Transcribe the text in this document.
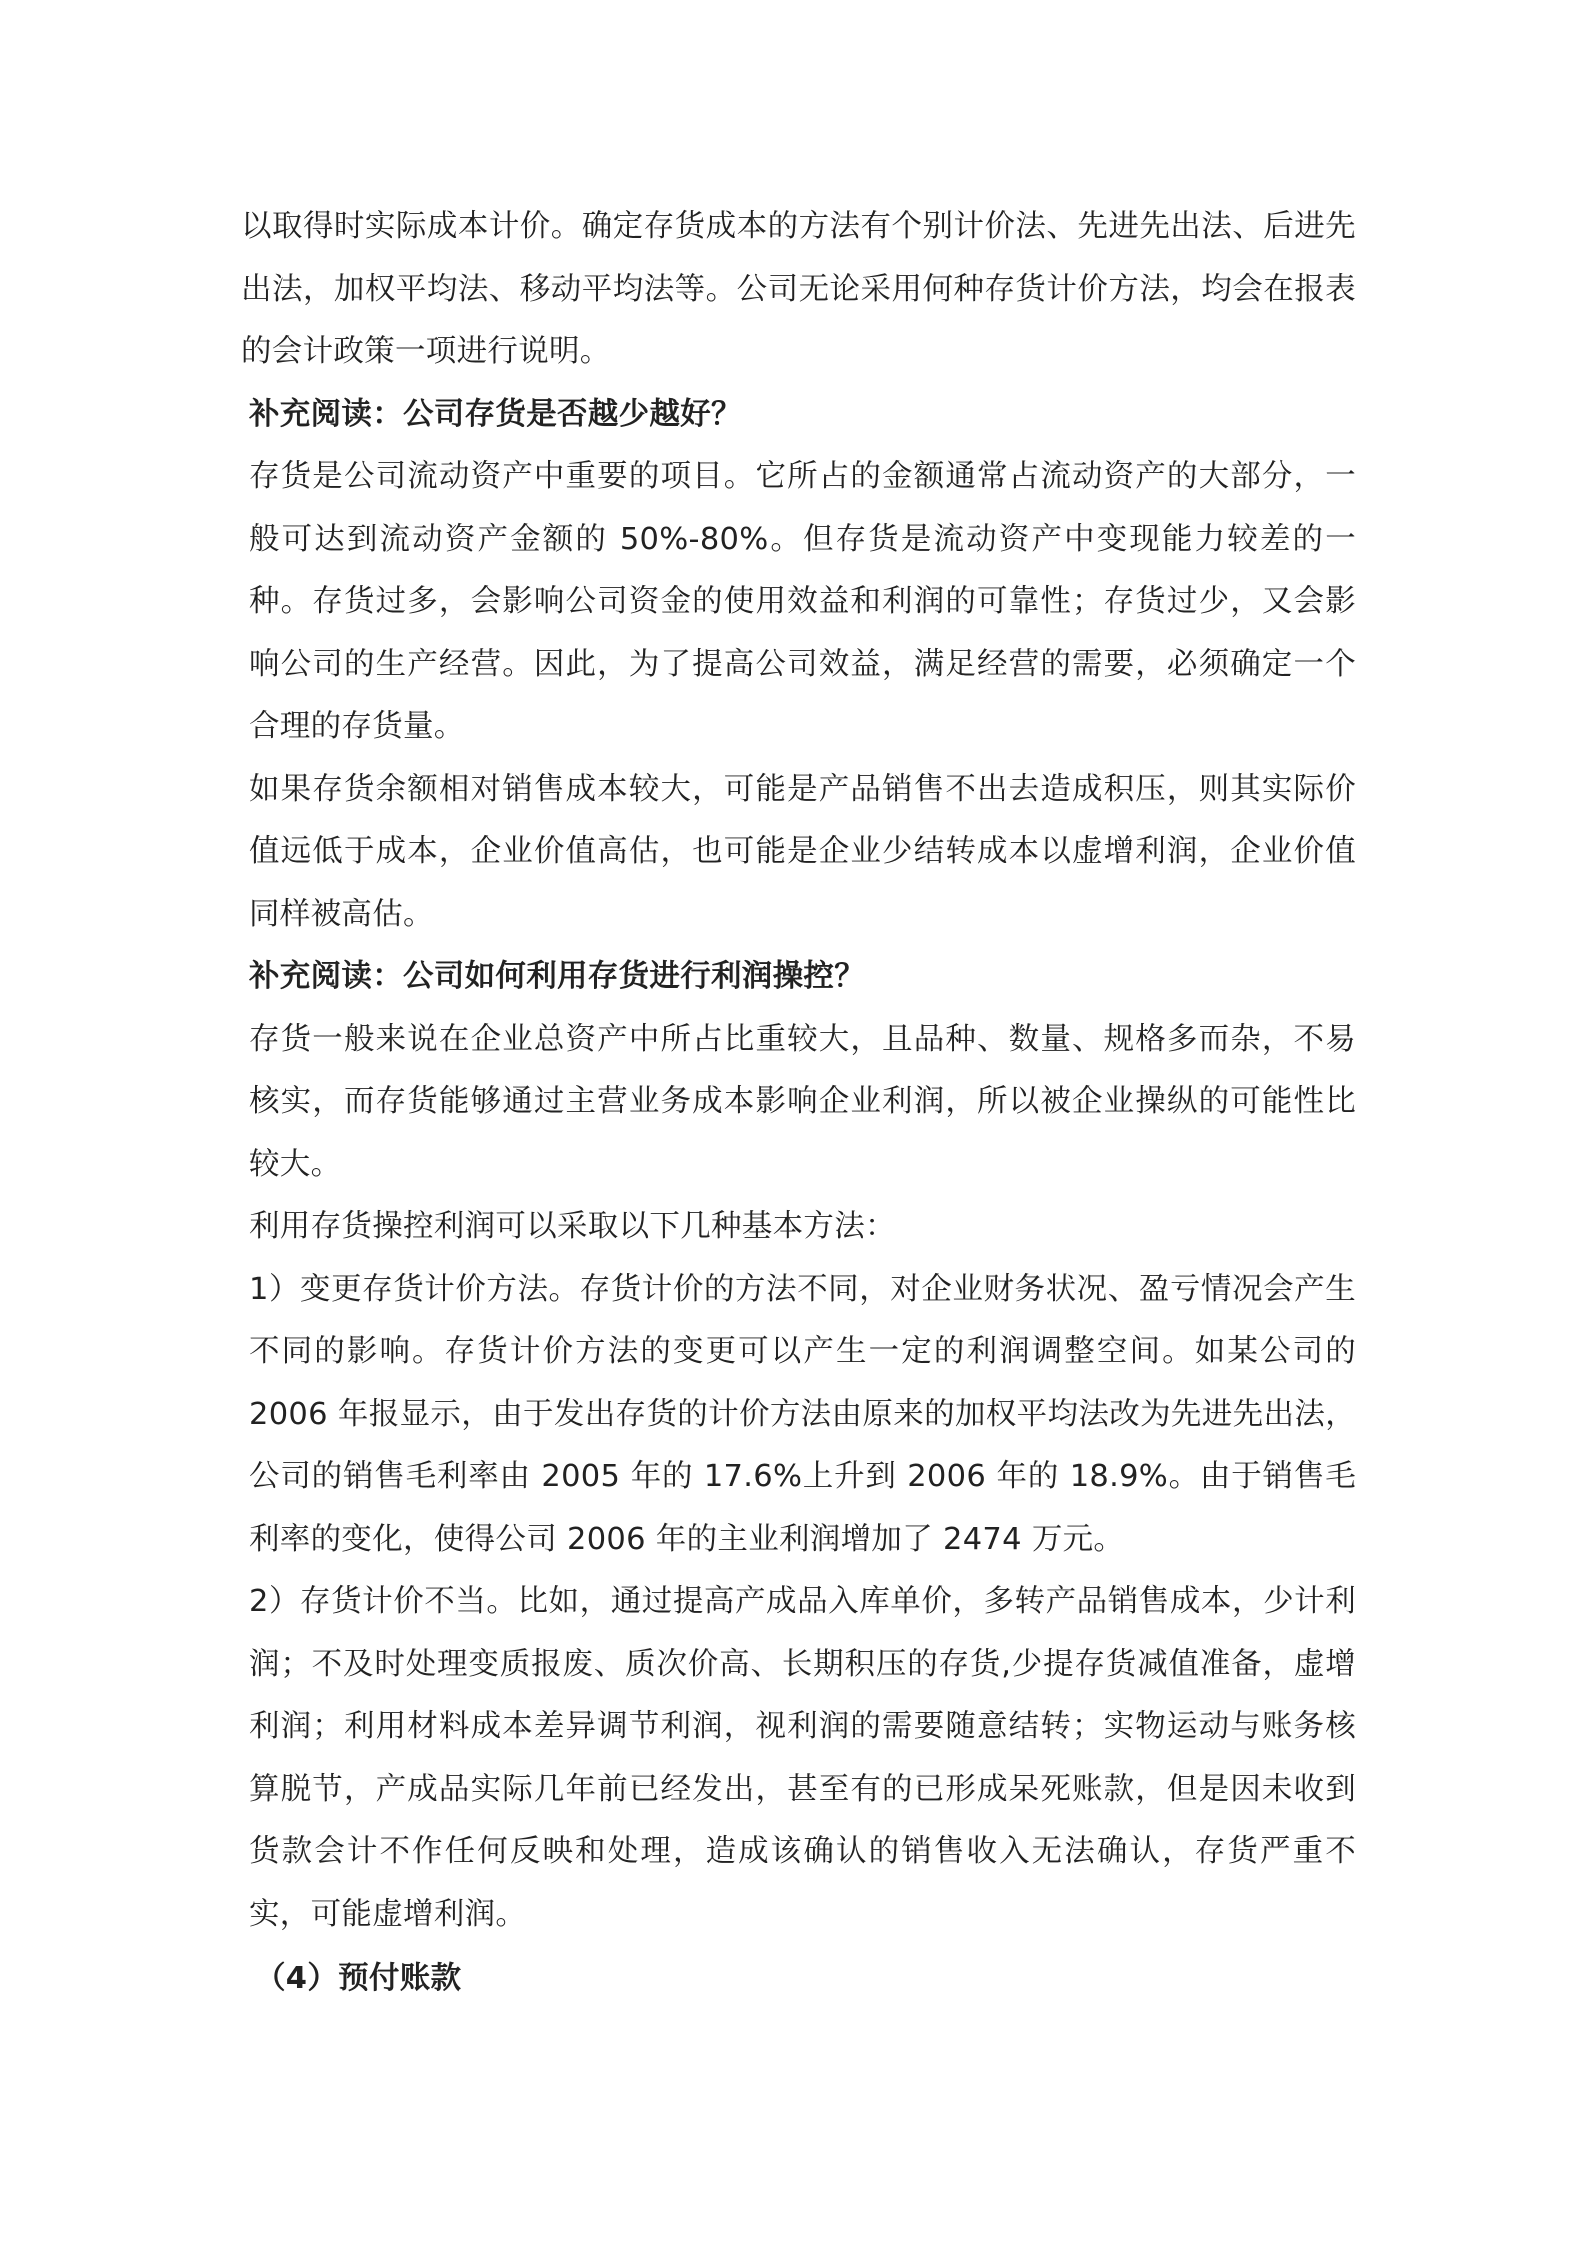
以取得时实际成本计价。确定存货成本的方法有个别计价法、先进先出法、后进先出法，加权平均法、移动平均法等。公司无论采用何种存货计价方法，均会在报表的会计政策一项进行说明。

补充阅读：公司存货是否越少越好？

存货是公司流动资产中重要的项目。它所占的金额通常占流动资产的大部分，一般可达到流动资产金额的 50%-80%。但存货是流动资产中变现能力较差的一种。存货过多，会影响公司资金的使用效益和利润的可靠性；存货过少，又会影响公司的生产经营。因此，为了提高公司效益，满足经营的需要，必须确定一个合理的存货量。

如果存货余额相对销售成本较大，可能是产品销售不出去造成积压，则其实际价值远低于成本，企业价值高估，也可能是企业少结转成本以虚增利润，企业价值同样被高估。

补充阅读：公司如何利用存货进行利润操控？

存货一般来说在企业总资产中所占比重较大，且品种、数量、规格多而杂，不易核实，而存货能够通过主营业务成本影响企业利润，所以被企业操纵的可能性比较大。

利用存货操控利润可以采取以下几种基本方法：

1）变更存货计价方法。存货计价的方法不同，对企业财务状况、盈亏情况会产生不同的影响。存货计价方法的变更可以产生一定的利润调整空间。如某公司的 2006 年报显示，由于发出存货的计价方法由原来的加权平均法改为先进先出法，公司的销售毛利率由 2005 年的 17.6%上升到 2006 年的 18.9%。由于销售毛利率的变化，使得公司 2006 年的主业利润增加了 2474 万元。

2）存货计价不当。比如，通过提高产成品入库单价，多转产品销售成本，少计利润；不及时处理变质报废、质次价高、长期积压的存货,少提存货减值准备，虚增利润；利用材料成本差异调节利润，视利润的需要随意结转；实物运动与账务核算脱节，产成品实际几年前已经发出，甚至有的已形成呆死账款，但是因未收到货款会计不作任何反映和处理，造成该确认的销售收入无法确认，存货严重不实，可能虚增利润。

（4）预付账款
